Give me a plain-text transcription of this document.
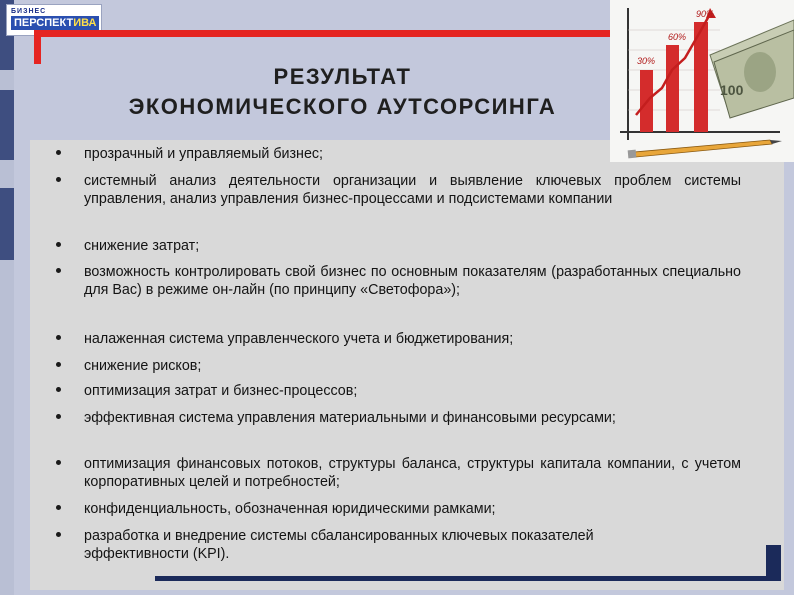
БИЗНЕС
ПЕРСПЕКТИВА
30%
60%
90%
100
РЕЗУЛЬТАТ
ЭКОНОМИЧЕСКОГО АУТСОРСИНГА
прозрачный и управляемый бизнес;
системный анализ деятельности организации и выявление ключевых проблем системы управления, анализ управления бизнес-процессами и подсистемами компании
снижение затрат;
возможность контролировать свой бизнес по основным показателям (разработанных специально для Вас) в режиме он-лайн (по принципу «Светофора»);
налаженная система управленческого учета и бюджетирования;
снижение рисков;
оптимизация затрат и бизнес-процессов;
эффективная система управления материальными и финансовыми ресурсами;
оптимизация финансовых потоков, структуры баланса, структуры капитала компании, с учетом корпоративных целей и потребностей;
конфиденциальность, обозначенная юридическими рамками;
разработка и внедрение системы сбалансированных ключевых показателей эффективности (KPI).
